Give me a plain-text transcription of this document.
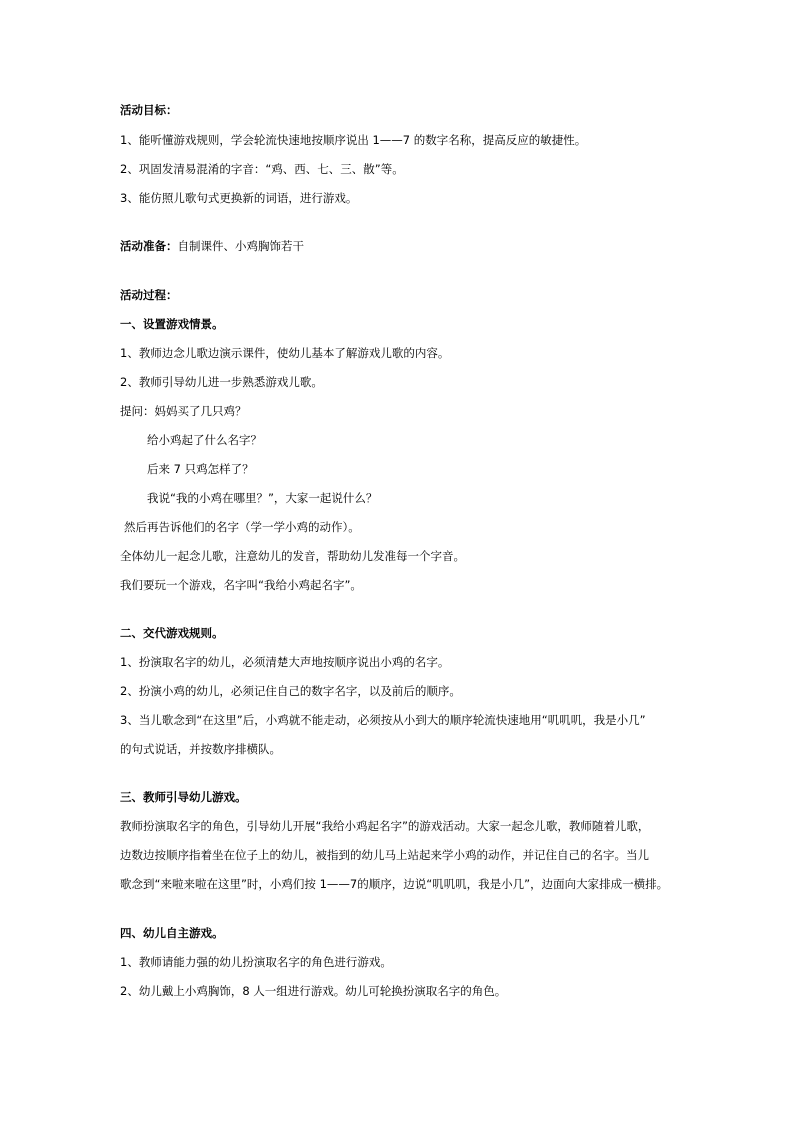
活动目标：
1、能听懂游戏规则，学会轮流快速地按顺序说出 1——7 的数字名称，提高反应的敏捷性。
2、巩固发清易混淆的字音：“鸡、西、七、三、散”等。
3、能仿照儿歌句式更换新的词语，进行游戏。
活动准备：自制课件、小鸡胸饰若干
活动过程：
一、设置游戏情景。
1、教师边念儿歌边演示课件，使幼儿基本了解游戏儿歌的内容。
2、教师引导幼儿进一步熟悉游戏儿歌。
提问：妈妈买了几只鸡？
给小鸡起了什么名字？
后来 7 只鸡怎样了？
我说“我的小鸡在哪里？”，大家一起说什么？
然后再告诉他们的名字（学一学小鸡的动作）。
全体幼儿一起念儿歌，注意幼儿的发音，帮助幼儿发准每一个字音。
我们要玩一个游戏，名字叫“我给小鸡起名字”。
二、交代游戏规则。
1、扮演取名字的幼儿，必须清楚大声地按顺序说出小鸡的名字。
2、扮演小鸡的幼儿，必须记住自己的数字名字，以及前后的顺序。
3、当儿歌念到“在这里”后，小鸡就不能走动，必须按从小到大的顺序轮流快速地用“叽叽叽，我是小几”
的句式说话，并按数序排横队。
三、教师引导幼儿游戏。
教师扮演取名字的角色，引导幼儿开展“我给小鸡起名字”的游戏活动。大家一起念儿歌，教师随着儿歌，
边数边按顺序指着坐在位子上的幼儿，被指到的幼儿马上站起来学小鸡的动作，并记住自己的名字。当儿
歌念到“来啦来啦在这里”时，小鸡们按 1——7的顺序，边说“叽叽叽，我是小几”，边面向大家排成一横排。
四、幼儿自主游戏。
1、教师请能力强的幼儿扮演取名字的角色进行游戏。
2、幼儿戴上小鸡胸饰，8 人一组进行游戏。幼儿可轮换扮演取名字的角色。
